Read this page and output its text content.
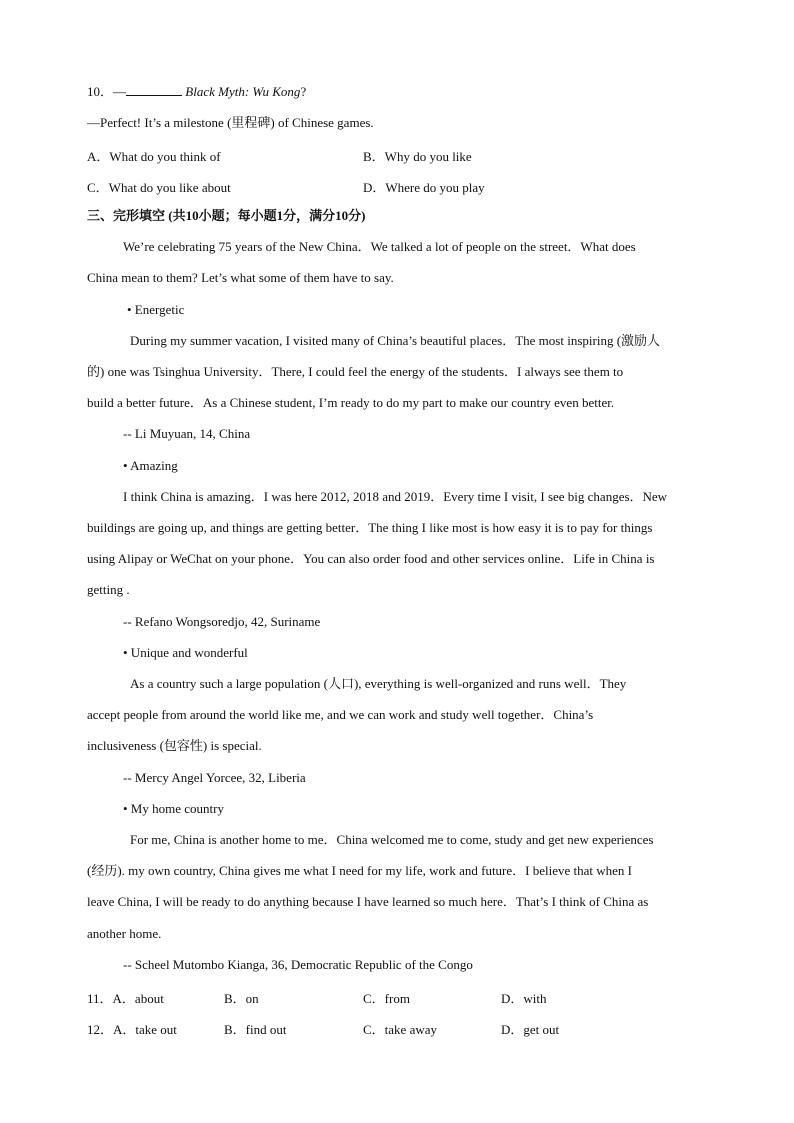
10．—	Black Myth: Wu Kong?
—Perfect! It’s a milestone (里程碑) of Chinese games.
A．What do you think of	B．Why do you like
C．What do you like about	D．Where do you play
三、完形填空 (共10小题；每小题1分，满分10分)
We’re celebrating 75 years of the New China．We talked a lot of people on the street．What does
China mean to them? Let’s what some of them have to say.
• Energetic
During my summer vacation, I visited many of China’s beautiful places．The most inspiring (激励人
的) one was Tsinghua University．There, I could feel the energy of the students．I always see them to
build a better future．As a Chinese student, I’m ready to do my part to make our country even better.
-- Li Muyuan, 14, China
• Amazing
I think China is amazing．I was here 2012, 2018 and 2019．Every time I visit, I see big changes．New
buildings are going up, and things are getting better．The thing I like most is how easy it is to pay for things
using Alipay or WeChat on your phone．You can also order food and other services online．Life in China is
getting .
-- Refano Wongsoredjo, 42, Suriname
• Unique and wonderful
As a country such a large population (人口), everything is well-organized and runs well．They
accept people from around the world like me, and we can work and study well together．China’s
inclusiveness (包容性) is special.
-- Mercy Angel Yorcee, 32, Liberia
• My home country
For me, China is another home to me．China welcomed me to come, study and get new experiences
(经历). my own country, China gives me what I need for my life, work and future．I believe that when I
leave China, I will be ready to do anything because I have learned so much here．That’s I think of China as
another home.
-- Scheel Mutombo Kianga, 36, Democratic Republic of the Congo
11．A．about	B．on	C．from	D．with
12．A．take out	B．find out	C．take away	D．get out
